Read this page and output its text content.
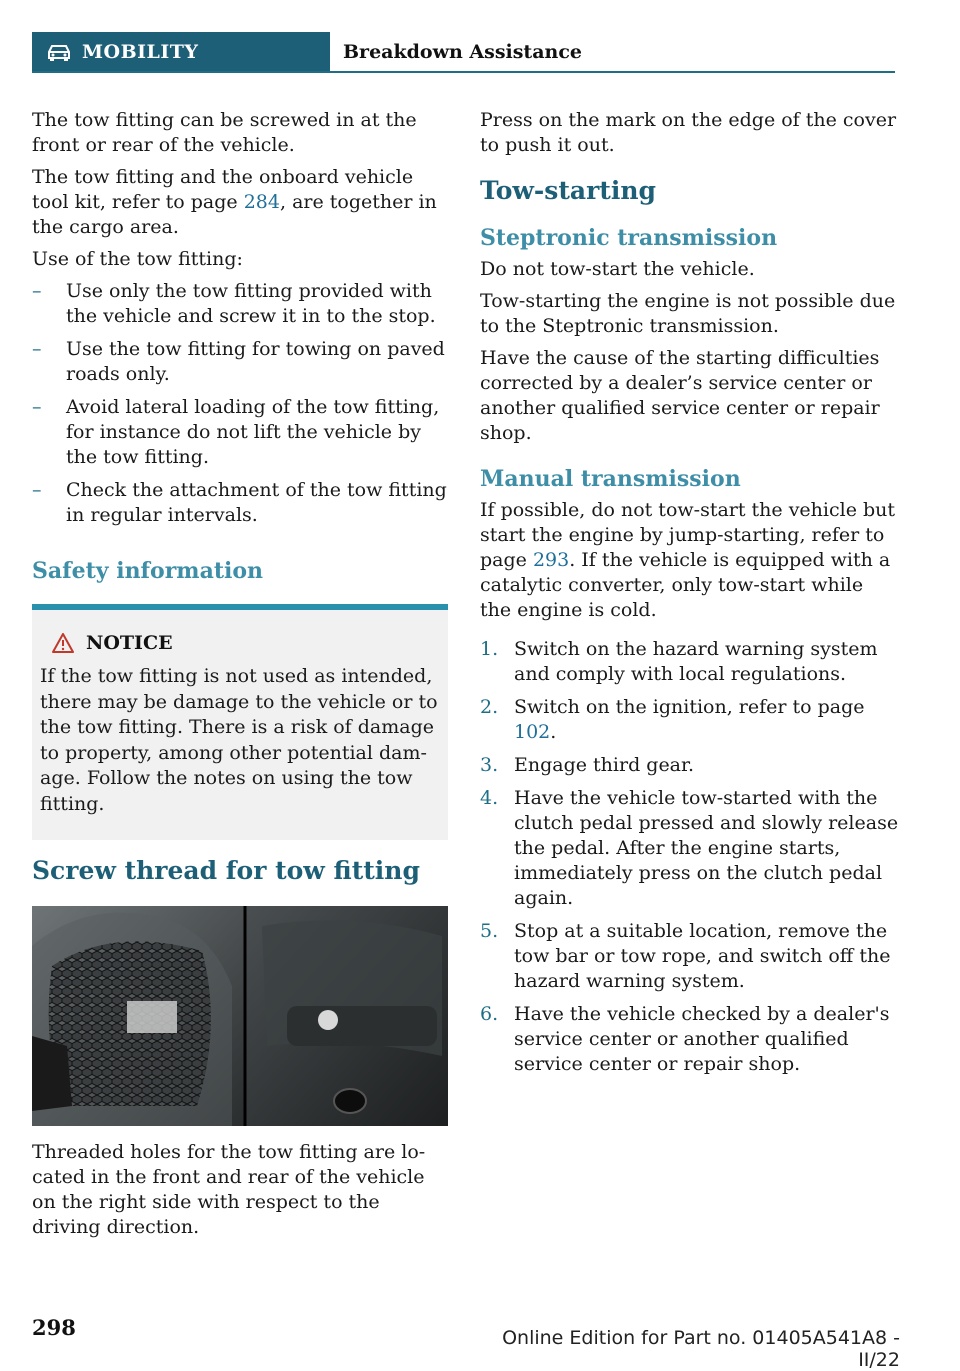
MOBILITY	Breakdown Assistance

The tow fitting can be screwed in at the front or rear of the vehicle.

The tow fitting and the onboard vehicle tool kit, refer to page 284, are together in the cargo area.

Use of the tow fitting:

– Use only the tow fitting provided with the vehicle and screw it in to the stop.
– Use the tow fitting for towing on paved roads only.
– Avoid lateral loading of the tow fitting, for instance do not lift the vehicle by the tow fitting.
– Check the attachment of the tow fitting in regular intervals.
Safety information
NOTICE
If the tow fitting is not used as intended, there may be damage to the vehicle or to the tow fitting. There is a risk of damage to property, among other potential damage. Follow the notes on using the tow fitting.
Screw thread for tow fitting

Threaded holes for the tow fitting are located in the front and rear of the vehicle on the right side with respect to the driving direction.

Press on the mark on the edge of the cover to push it out.

Tow-starting
Steptronic transmission

Do not tow-start the vehicle.

Tow-starting the engine is not possible due to the Steptronic transmission.

Have the cause of the starting difficulties corrected by a dealer’s service center or another qualified service center or repair shop.

Manual transmission

If possible, do not tow-start the vehicle but start the engine by jump-starting, refer to page 293. If the vehicle is equipped with a catalytic converter, only tow-start while the engine is cold.

1. Switch on the hazard warning system and comply with local regulations.
2. Switch on the ignition, refer to page 102.
3. Engage third gear.
4. Have the vehicle tow-started with the clutch pedal pressed and slowly release the pedal. After the engine starts, immediately press on the clutch pedal again.
5. Stop at a suitable location, remove the tow bar or tow rope, and switch off the hazard warning system.
6. Have the vehicle checked by a dealer's service center or another qualified service center or repair shop.
298	Online Edition for Part no. 01405A541A8 - II/22
